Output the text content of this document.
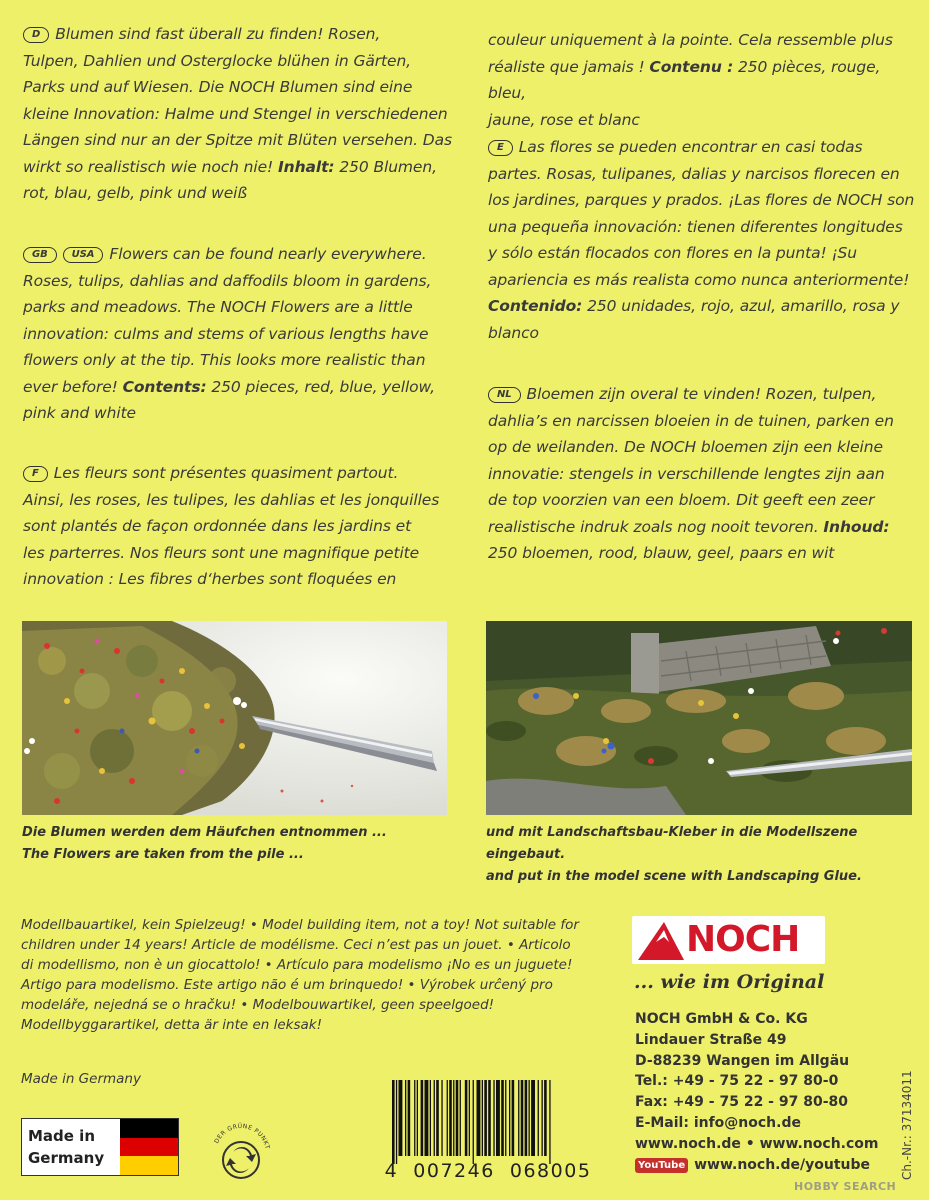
D Blumen sind fast überall zu finden! Rosen,

Tulpen, Dahlien und Osterglocke blühen in Gärten,

Parks und auf Wiesen. Die NOCH Blumen sind eine

kleine Innovation: Halme und Stengel in verschiedenen

Längen sind nur an der Spitze mit Blüten versehen. Das

wirkt so realistisch wie noch nie! Inhalt: 250 Blumen,

rot, blau, gelb, pink und weiß

GB USA Flowers can be found nearly everywhere.

Roses, tulips, dahlias and daffodils bloom in gardens,

parks and meadows. The NOCH Flowers are a little

innovation: culms and stems of various lengths have

flowers only at the tip. This looks more realistic than

ever before! Contents: 250 pieces, red, blue, yellow,

pink and white

F Les fleurs sont présentes quasiment partout.

Ainsi, les roses, les tulipes, les dahlias et les jonquilles

sont plantés de façon ordonnée dans les jardins et

les parterres. Nos fleurs sont une magnifique petite

innovation : Les fibres d‘herbes sont floquées en

couleur uniquement à la pointe. Cela ressemble plus

réaliste que jamais ! Contenu : 250 pièces, rouge, bleu,

jaune, rose et blanc

E Las flores se pueden encontrar en casi todas

partes. Rosas, tulipanes, dalias y narcisos florecen en

los jardines, parques y prados. ¡Las flores de NOCH son

una pequeña innovación: tienen diferentes longitudes

y sólo están flocados con flores en la punta! ¡Su

apariencia es más realista como nunca anteriormente!

Contenido: 250 unidades, rojo, azul, amarillo, rosa y

blanco

NL Bloemen zijn overal te vinden! Rozen, tulpen,

dahlia’s en narcissen bloeien in de tuinen, parken en

op de weilanden. De NOCH bloemen zijn een kleine

innovatie: stengels in verschillende lengtes zijn aan

de top voorzien van een bloem. Dit geeft een zeer

realistische indruk zoals nog nooit tevoren. Inhoud:

250 bloemen, rood, blauw, geel, paars en wit

Die Blumen werden dem Häufchen entnommen ...
The Flowers are taken from the pile ...
und mit Landschaftsbau-Kleber in die Modellszene
eingebaut.
and put in the model scene with Landscaping Glue.
Modellbauartikel, kein Spielzeug! • Model building item, not a toy! Not suitable for
children under 14 years! Article de modélisme. Ceci n’est pas un jouet. • Articolo
di modellismo, non è un giocattolo! • Artículo para modelismo ¡No es un juguete!
Artigo para modelismo. Este artigo não é um brinquedo! • Výrobek urĉený pro
modeláře, nejedná se o hračku! • Modelbouwartikel, geen speelgoed!
Modellbyggarartikel, detta är inte en leksak!
Made in Germany
Made in
Germany
DER GRÜNE PUNKT
4  007246  068005
NOCH
... wie im Original
NOCH GmbH & Co. KG
Lindauer Straße 49
D-88239 Wangen im Allgäu
Tel.: +49 - 75 22 - 97 80-0
Fax: +49 - 75 22 - 97 80-80
E-Mail: info@noch.de
www.noch.de • www.noch.com
YouTube www.noch.de/youtube	Ch.-Nr.: 37134011
HOBBY SEARCH
